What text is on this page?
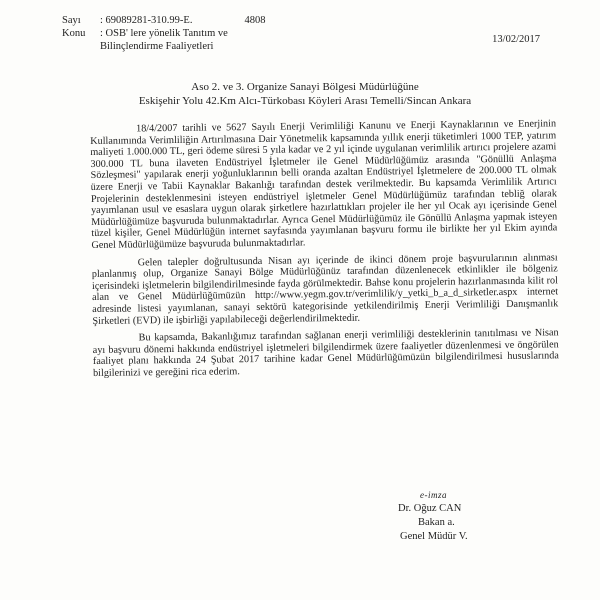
Sayı	: 69089281-310.99-E.	4808
Konu	: OSB' lere yönelik Tanıtım ve
Bilinçlendirme Faaliyetleri
13/02/2017
Aso 2. ve 3. Organize Sanayi Bölgesi Müdürlüğüne
Eskişehir Yolu 42.Km Alcı-Türkobası Köyleri Arası Temelli/Sincan Ankara

18/4/2007 tarihli ve 5627 Sayılı Enerji Verimliliği Kanunu ve Enerji Kaynaklarının ve Enerjinin Kullanımında Verimliliğin Artırılmasına Dair Yönetmelik kapsamında yıllık enerji tüketimleri 1000 TEP, yatırım maliyeti 1.000.000 TL, geri ödeme süresi 5 yıla kadar ve 2 yıl içinde uygulanan verimlilik artırıcı projelere azami 300.000 TL buna ilaveten Endüstriyel İşletmeler ile Genel Müdürlüğümüz arasında "Gönüllü Anlaşma Sözleşmesi" yapılarak enerji yoğunluklarının belli oranda azaltan Endüstriyel İşletmelere de 200.000 TL olmak üzere Enerji ve Tabii Kaynaklar Bakanlığı tarafından destek verilmektedir. Bu kapsamda Verimlilik Artırıcı Projelerinin desteklenmesini isteyen endüstriyel işletmeler Genel Müdürlüğümüz tarafından tebliğ olarak yayımlanan usul ve esaslara uygun olarak şirketlere hazırlattıkları projeler ile her yıl Ocak ayı içerisinde Genel Müdürlüğümüze başvuruda bulunmaktadırlar. Ayrıca Genel Müdürlüğümüz ile Gönüllü Anlaşma yapmak isteyen tüzel kişiler, Genel Müdürlüğün internet sayfasında yayımlanan başvuru formu ile birlikte her yıl Ekim ayında Genel Müdürlüğümüze başvuruda bulunmaktadırlar.

Gelen talepler doğrultusunda Nisan ayı içerinde de ikinci dönem proje başvurularının alınması planlanmış olup, Organize Sanayi Bölge Müdürlüğünüz tarafından düzenlenecek etkinlikler ile bölgeniz içerisindeki işletmelerin bilgilendirilmesinde fayda görülmektedir. Bahse konu projelerin hazırlanmasında kilit rol alan ve Genel Müdürlüğümüzün http://www.yegm.gov.tr/verimlilik/y_yetki_b_a_d_sirketler.aspx internet adresinde listesi yayımlanan, sanayi sektörü kategorisinde yetkilendirilmiş Enerji Verimliliği Danışmanlık Şirketleri (EVD) ile işbirliği yapılabileceği değerlendirilmektedir.

Bu kapsamda, Bakanlığımız tarafından sağlanan enerji verimliliği desteklerinin tanıtılması ve Nisan ayı başvuru dönemi hakkında endüstriyel işletmeleri bilgilendirmek üzere faaliyetler düzenlenmesi ve öngörülen faaliyet planı hakkında 24 Şubat 2017 tarihine kadar Genel Müdürlüğümüzün bilgilendirilmesi hususlarında bilgilerinizi ve gereğini rica ederim.

e-imza
Dr. Oğuz CAN
Bakan a.
Genel Müdür V.
